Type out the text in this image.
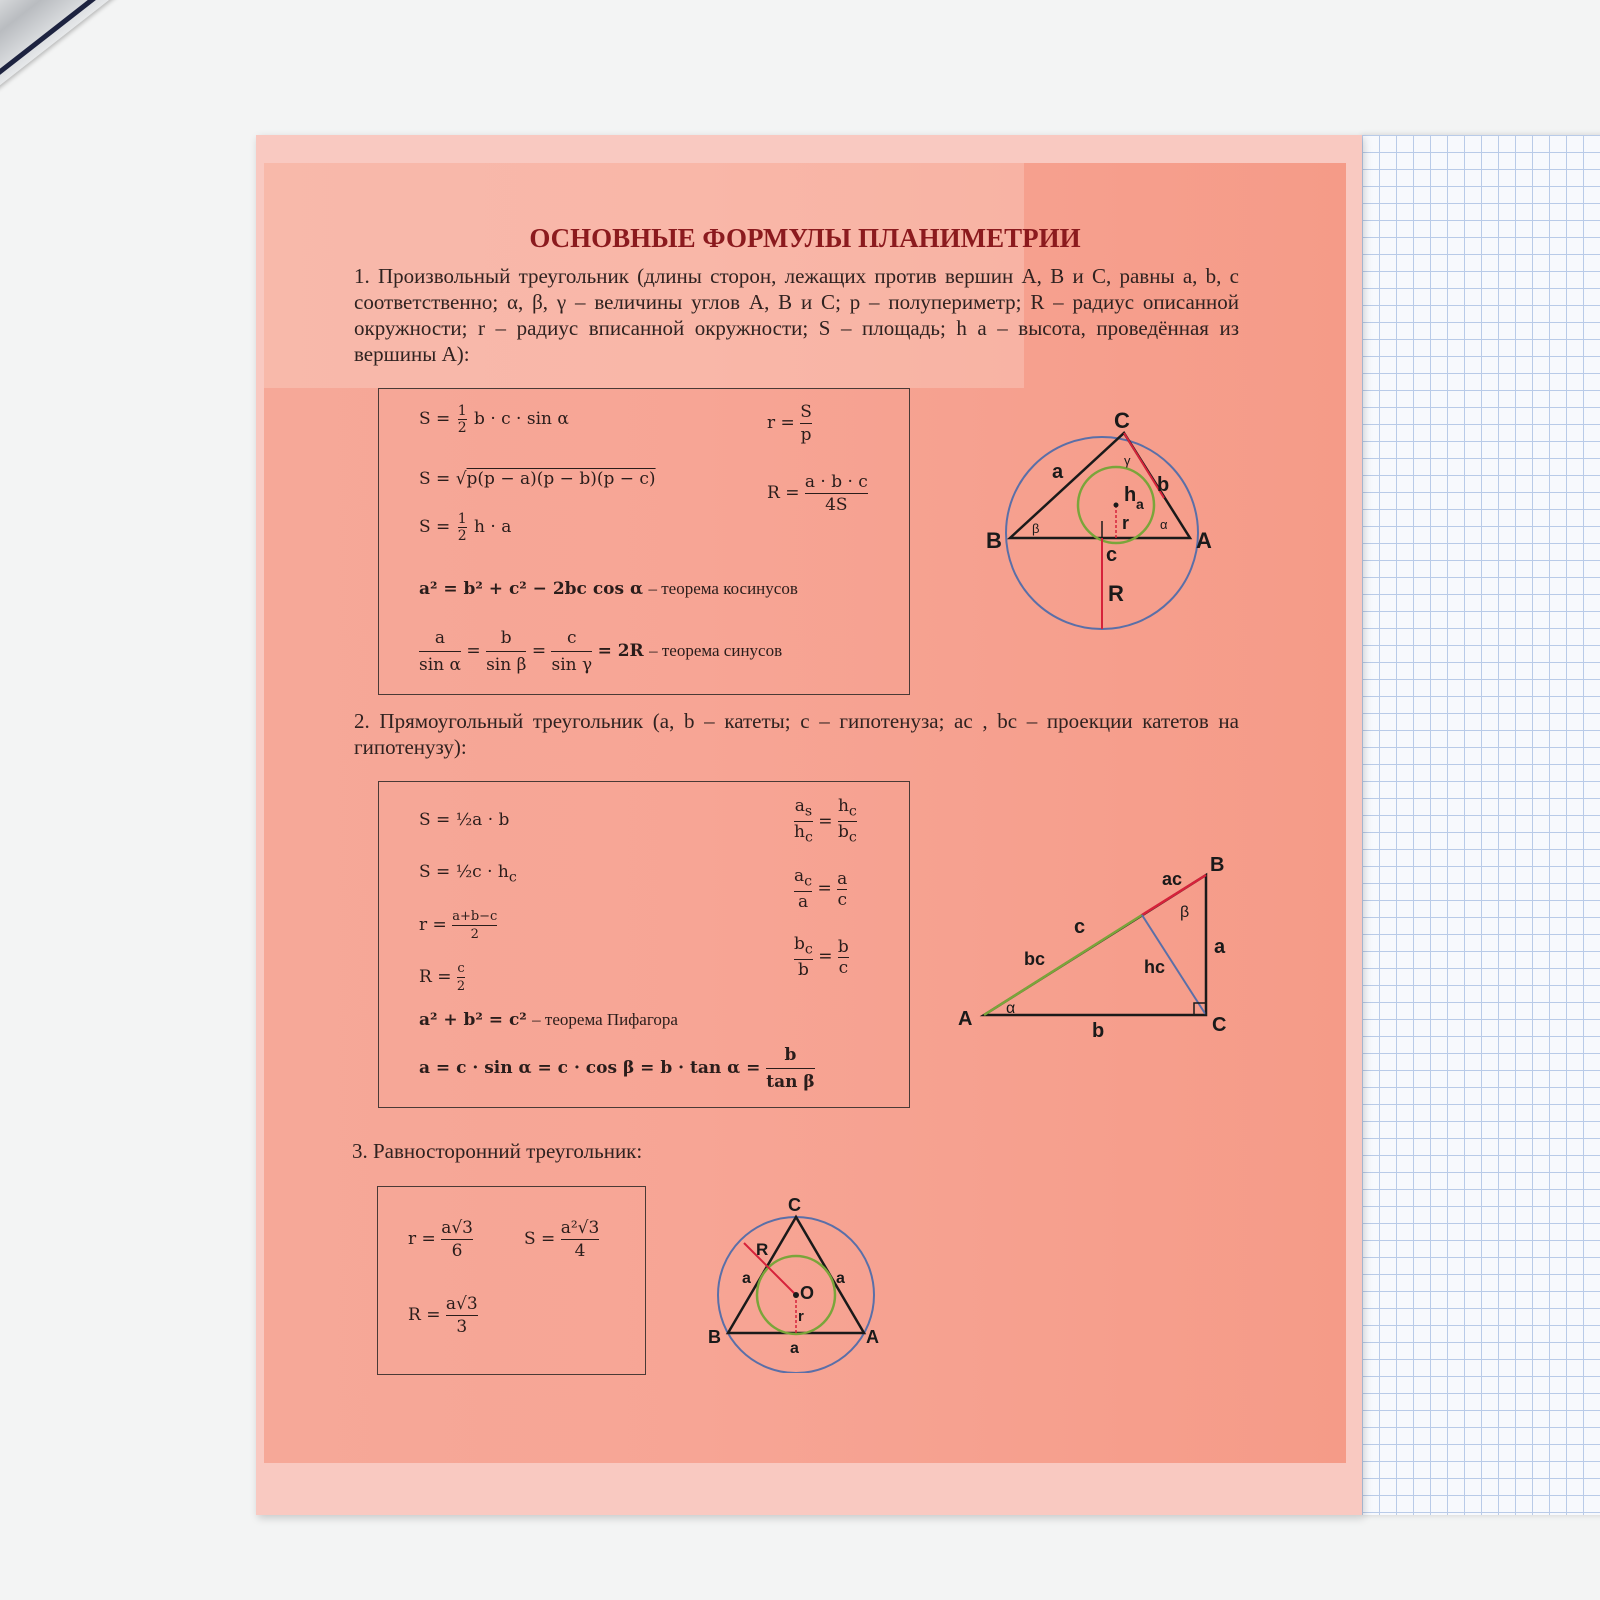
ОСНОВНЫЕ ФОРМУЛЫ ПЛАНИМЕТРИИ
1. Произвольный треугольник (длины сторон, лежащих против вершин A, B и C, равны a, b, c соответственно; α, β, γ – величины углов A, B и C; p – полупериметр; R – радиус описанной окружности; r – радиус вписанной окружности; S – площадь; h a – высота, проведённая из вершины A):
$S = \frac{1}{2}$ b · c · sin α
S = √p(p − a)(p − b)(p − c)
$S = \frac{1}{2}$ h · a
a² = b² + c² − 2bc cos α – теорема косинусов
$\frac{a}{\text{sin α}} = \frac{b}{\text{sin β}} = \frac{c}{\text{sin γ}} = 2R$ – теорема синусов
$r = \frac{S}{p}$
$R = \frac{a \cdot b \cdot c}{4S}$
C
a
b
γ
h a
r
β	α
B	A
c
R
2. Прямоугольный треугольник (a, b – катеты; c – гипотенуза; aс , bс – проекции катетов на гипотенузу):
S = ½a · b
S = ½c · $h_c$
$r = \frac{a+b-c}{2}$
$R = \frac{c}{2}$
a² + b² = c² – теорема Пифагора
$a = c \cdot \sin \alpha = c \cdot \cos \beta = b \cdot \tan \alpha = \frac{b}{\text{tan β}}$
$\frac{a_s}{h_c} = \frac{h_c}{b_c}$
$\frac{a_c}{a} = \frac{a}{c}$
$\frac{b_c}{b} = \frac{b}{c}$
B
aс
β
c
a
bс	hc
A α
b	C
3. Равносторонний треугольник:
$r = \frac{a√3}{6}$	$S = \frac{\text{a²√3}}{4}$
$R = \frac{a√3}{3}$
C
R
a	a
O
r
B
a
A
